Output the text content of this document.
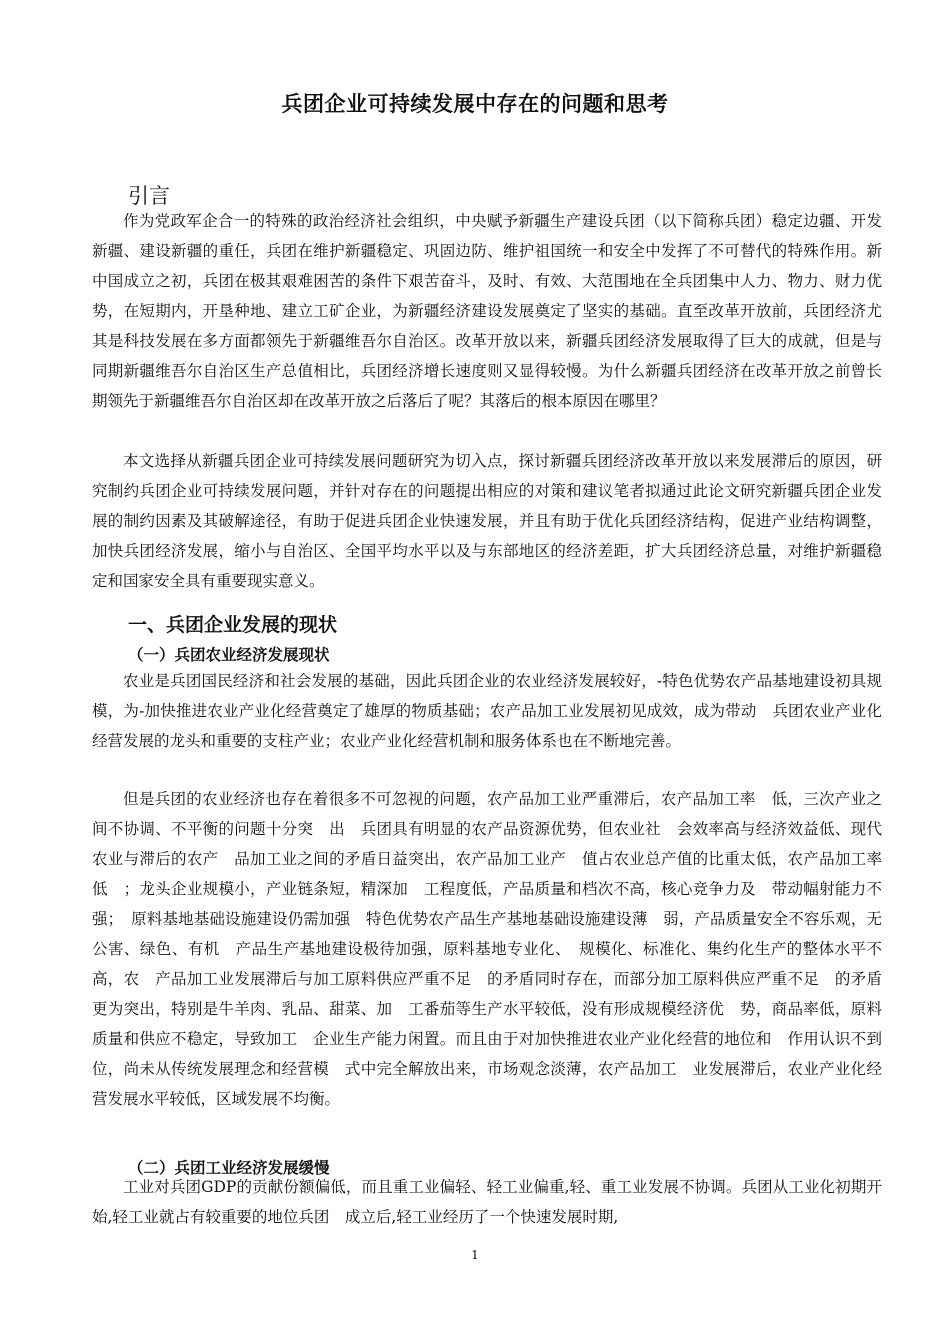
兵团企业可持续发展中存在的问题和思考
引言

作为党政军企合一的特殊的政治经济社会组织，中央赋予新疆生产建设兵团（以下简称兵团）稳定边疆、开发新疆、建设新疆的重任，兵团在维护新疆稳定、巩固边防、维护祖国统一和安全中发挥了不可替代的特殊作用。新中国成立之初，兵团在极其艰难困苦的条件下艰苦奋斗，及时、有效、大范围地在全兵团集中人力、物力、财力优势，在短期内，开垦种地、建立工矿企业，为新疆经济建设发展奠定了坚实的基础。直至改革开放前，兵团经济尤其是科技发展在多方面都领先于新疆维吾尔自治区。改革开放以来，新疆兵团经济发展取得了巨大的成就，但是与同期新疆维吾尔自治区生产总值相比，兵团经济增长速度则又显得较慢。为什么新疆兵团经济在改革开放之前曾长期领先于新疆维吾尔自治区却在改革开放之后落后了呢？其落后的根本原因在哪里？

本文选择从新疆兵团企业可持续发展问题研究为切入点，探讨新疆兵团经济改革开放以来发展滞后的原因，研究制约兵团企业可持续发展问题，并针对存在的问题提出相应的对策和建议笔者拟通过此论文研究新疆兵团企业发展的制约因素及其破解途径，有助于促进兵团企业快速发展，并且有助于优化兵团经济结构，促进产业结构调整，加快兵团经济发展，缩小与自治区、全国平均水平以及与东部地区的经济差距，扩大兵团经济总量，对维护新疆稳定和国家安全具有重要现实意义。

一、兵团企业发展的现状
（一）兵团农业经济发展现状

农业是兵团国民经济和社会发展的基础，因此兵团企业的农业经济发展较好，-特色优势农产品基地建设初具规模，为-加快推进农业产业化经营奠定了雄厚的物质基础；农产品加工业发展初见成效，成为带动　兵团农业产业化经营发展的龙头和重要的支柱产业；农业产业化经营机制和服务体系也在不断地完善。

但是兵团的农业经济也存在着很多不可忽视的问题，农产品加工业严重滞后，农产品加工率　低，三次产业之间不协调、不平衡的问题十分突　出　兵团具有明显的农产品资源优势，但农业社　会效率高与经济效益低、现代农业与滞后的农产　品加工业之间的矛盾日益突出，农产品加工业产　值占农业总产值的比重太低，农产品加工率低　；龙头企业规模小，产业链条短，精深加　工程度低，产品质量和档次不高，核心竞争力及　带动幅射能力不强；　原料基地基础设施建设仍需加强　特色优势农产品生产基地基础设施建设薄　弱，产品质量安全不容乐观，无公害、绿色、有机　产品生产基地建设极待加强，原料基地专业化、　规模化、标准化、集约化生产的整体水平不高，农　产品加工业发展滞后与加工原料供应严重不足　的矛盾同时存在，而部分加工原料供应严重不足　的矛盾更为突出，特别是牛羊肉、乳品、甜菜、加　工番茄等生产水平较低，没有形成规模经济优　势，商品率低，原料质量和供应不稳定，导致加工　企业生产能力闲置。而且由于对加快推进农业产业化经营的地位和　作用认识不到位，尚未从传统发展理念和经营模　式中完全解放出来，市场观念淡薄，农产品加工　业发展滞后，农业产业化经营发展水平较低，区域发展不均衡。

（二）兵团工业经济发展缓慢

工业对兵团GDP的贡献份额偏低，而且重工业偏轻、轻工业偏重,轻、重工业发展不协调。兵团从工业化初期开始,轻工业就占有较重要的地位兵团　成立后,轻工业经历了一个快速发展时期,

1
